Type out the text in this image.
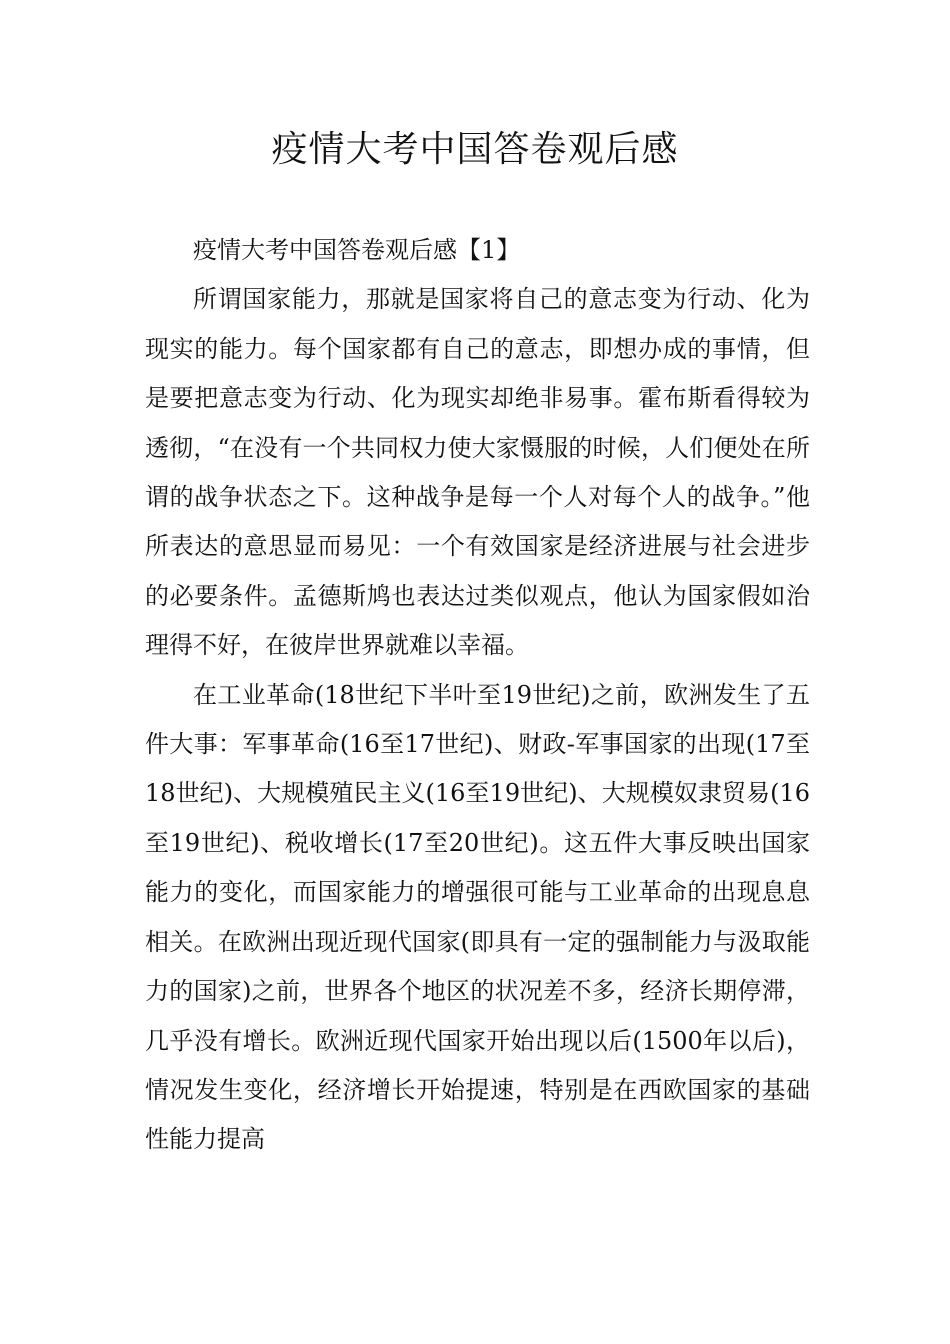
疫情大考中国答卷观后感

疫情大考中国答卷观后感【1】

所谓国家能力，那就是国家将自己的意志变为行动、化为现实的能力。每个国家都有自己的意志，即想办成的事情，但是要把意志变为行动、化为现实却绝非易事。霍布斯看得较为透彻，“在没有一个共同权力使大家慑服的时候，人们便处在所谓的战争状态之下。这种战争是每一个人对每个人的战争。”他所表达的意思显而易见：一个有效国家是经济进展与社会进步的必要条件。孟德斯鸠也表达过类似观点，他认为国家假如治理得不好，在彼岸世界就难以幸福。

在工业革命(18世纪下半叶至19世纪)之前，欧洲发生了五件大事：军事革命(16至17世纪)、财政-军事国家的出现(17至18世纪)、大规模殖民主义(16至19世纪)、大规模奴隶贸易(16至19世纪)、税收增长(17至20世纪)。这五件大事反映出国家能力的变化，而国家能力的增强很可能与工业革命的出现息息相关。在欧洲出现近现代国家(即具有一定的强制能力与汲取能力的国家)之前，世界各个地区的状况差不多，经济长期停滞，几乎没有增长。欧洲近现代国家开始出现以后(1500年以后)，情况发生变化，经济增长开始提速，特别是在西欧国家的基础性能力提高
